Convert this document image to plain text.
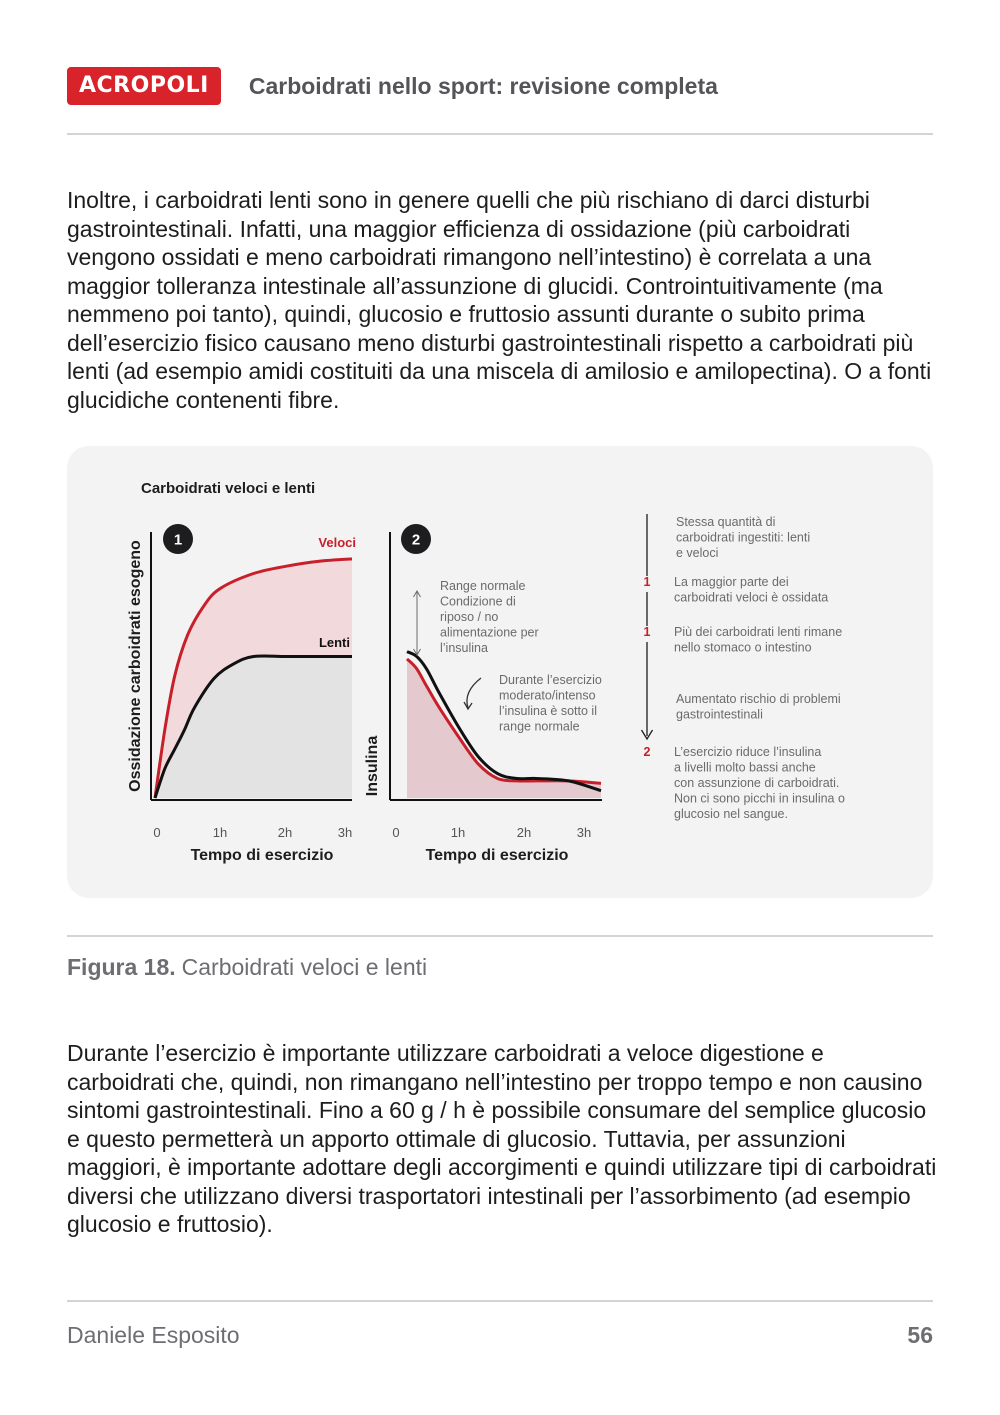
ACROPOLI	Carboidrati nello sport: revisione completa

Inoltre, i carboidrati lenti sono in genere quelli che più rischiano di darci disturbi gastrointestinali. Infatti, una maggior efficienza di ossidazione (più carboidrati vengono ossidati e meno carboidrati rimangono nell’intestino) è correlata a una maggior tolleranza intestinale all’assunzione di glucidi. Controintuitivamente (ma nemmeno poi tanto), quindi, glucosio e fruttosio assunti durante o subito prima dell’esercizio fisico causano meno disturbi gastrointestinali rispetto a carboidrati più lenti (ad esempio amidi costituiti da una miscela di amilosio e amilopectina). O a fonti glucidiche contenenti fibre.

Carboidrati veloci e lenti
1	Veloci
Lenti
Ossidazione carboidrati esogeno
0	1h	2h	3h
Tempo di esercizio
2
Insulina
Range normale Condizione di riposo / no alimentazione per l’insulina
Durante l’esercizio moderato/intenso l’insulina è sotto il range normale
0	1h	2h	3h
Tempo di esercizio
Stessa quantità di carboidrati ingestiti: lenti e veloci
1 La maggior parte dei carboidrati veloci è ossidata
1 Più dei carboidrati lenti rimane nello stomaco o intestino
Aumentato rischio di problemi gastrointestinali
2 L’esercizio riduce l’insulina a livelli molto bassi anche con assunzione di carboidrati. Non ci sono picchi in insulina o glucosio nel sangue.
Figura 18. Carboidrati veloci e lenti

Durante l’esercizio è importante utilizzare carboidrati a veloce digestione e carboidrati che, quindi, non rimangano nell’intestino per troppo tempo e non causino sintomi gastrointestinali. Fino a 60 g / h è possibile consumare del semplice glucosio e questo permetterà un apporto ottimale di glucosio. Tuttavia, per assunzioni maggiori, è importante adottare degli accorgimenti e quindi utilizzare tipi di carboidrati diversi che utilizzano diversi trasportatori intestinali per l’assorbimento (ad esempio glucosio e fruttosio).

Daniele Esposito	56
